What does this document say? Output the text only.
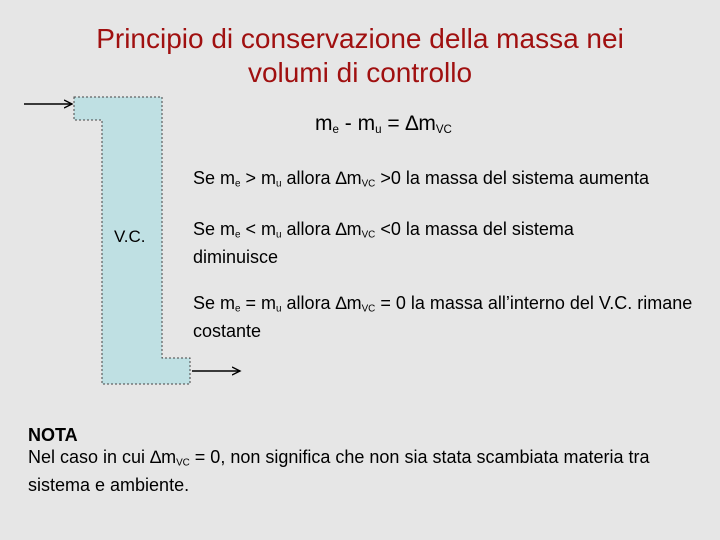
Principio di conservazione della massa nei
volumi di controllo
V.C.
$m_e - m_u = \Delta m_{VC}$
Se $m_e > m_u$ allora $\Delta m_{VC} >0$ la massa del sistema aumenta
Se $m_e < m_u$ allora $\Delta m_{VC} <0$ la massa del sistema diminuisce
Se $m_e = m_u$ allora $\Delta m_{VC} = 0$ la massa all’interno del V.C. rimane costante
NOTA
Nel caso in cui $\Delta m_{VC} = 0$, non significa che non sia stata scambiata materia tra sistema e ambiente.
